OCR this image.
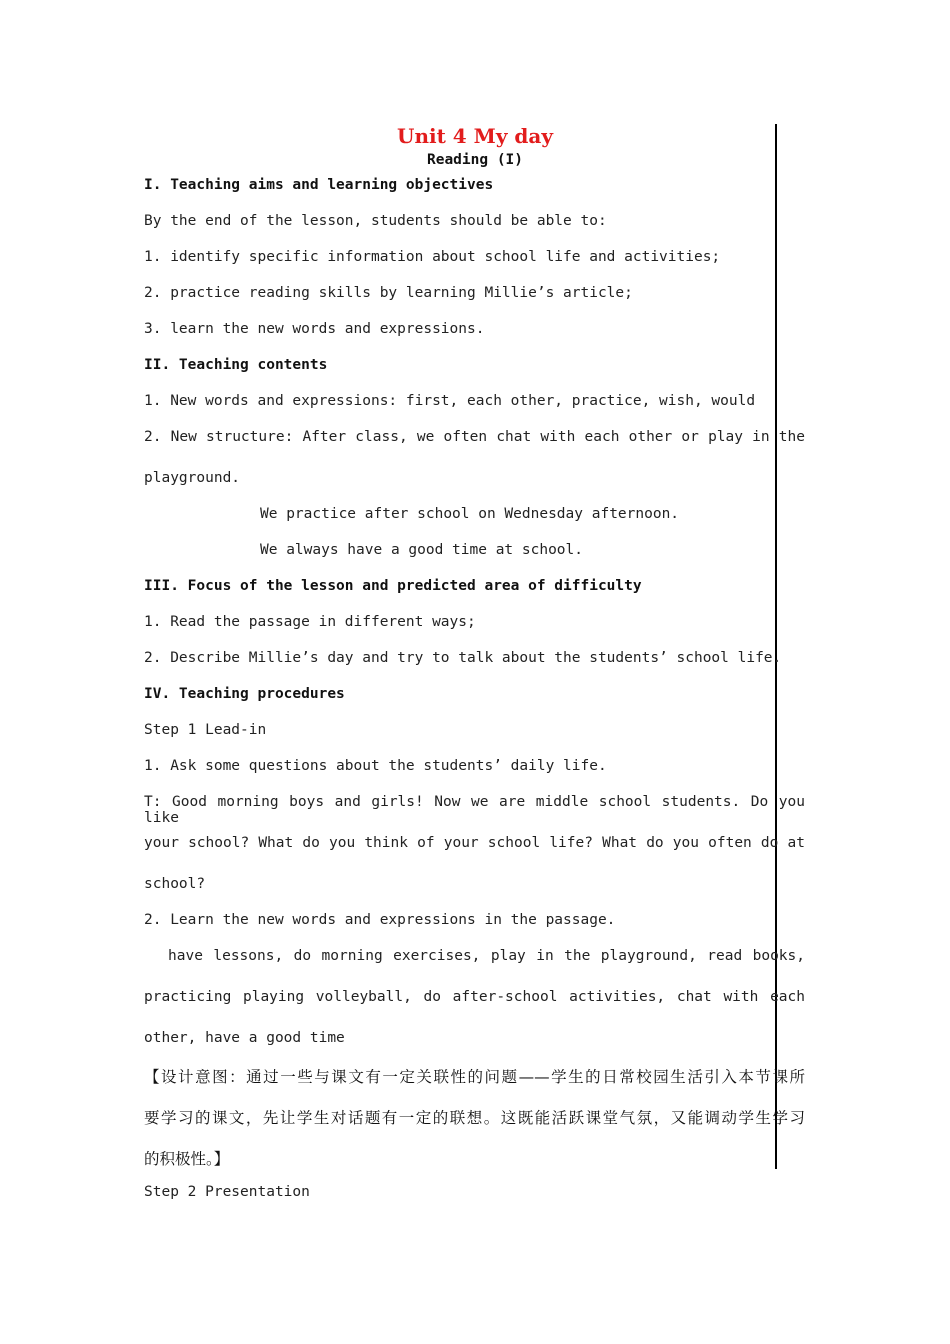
Unit 4 My day
Reading (I)
I. Teaching aims and learning objectives
By the end of the lesson, students should be able to:
1. identify specific information about school life and activities;
2. practice reading skills by learning Millie’s article;
3. learn the new words and expressions.
II. Teaching contents
1. New words and expressions: first, each other, practice, wish, would
2. New structure: After class, we often chat with each other or play in the
playground.
We practice after school on Wednesday afternoon.
We always have a good time at school.
III. Focus of the lesson and predicted area of difficulty
1. Read the passage in different ways;
2. Describe Millie’s day and try to talk about the students’ school life.
IV. Teaching procedures
Step 1 Lead-in
1. Ask some questions about the students’ daily life.
T: Good morning boys and girls! Now we are middle school students. Do you like
your school? What do you think of your school life? What do you often do at
school?
2. Learn the new words and expressions in the passage.
have lessons, do morning exercises, play in the playground, read books,
practicing playing volleyball, do after-school activities, chat with each
other, have a good time
【设计意图：通过一些与课文有一定关联性的问题——学生的日常校园生活引入本节课所
要学习的课文，先让学生对话题有一定的联想。这既能活跃课堂气氛，又能调动学生学习
的积极性。】
Step 2 Presentation
